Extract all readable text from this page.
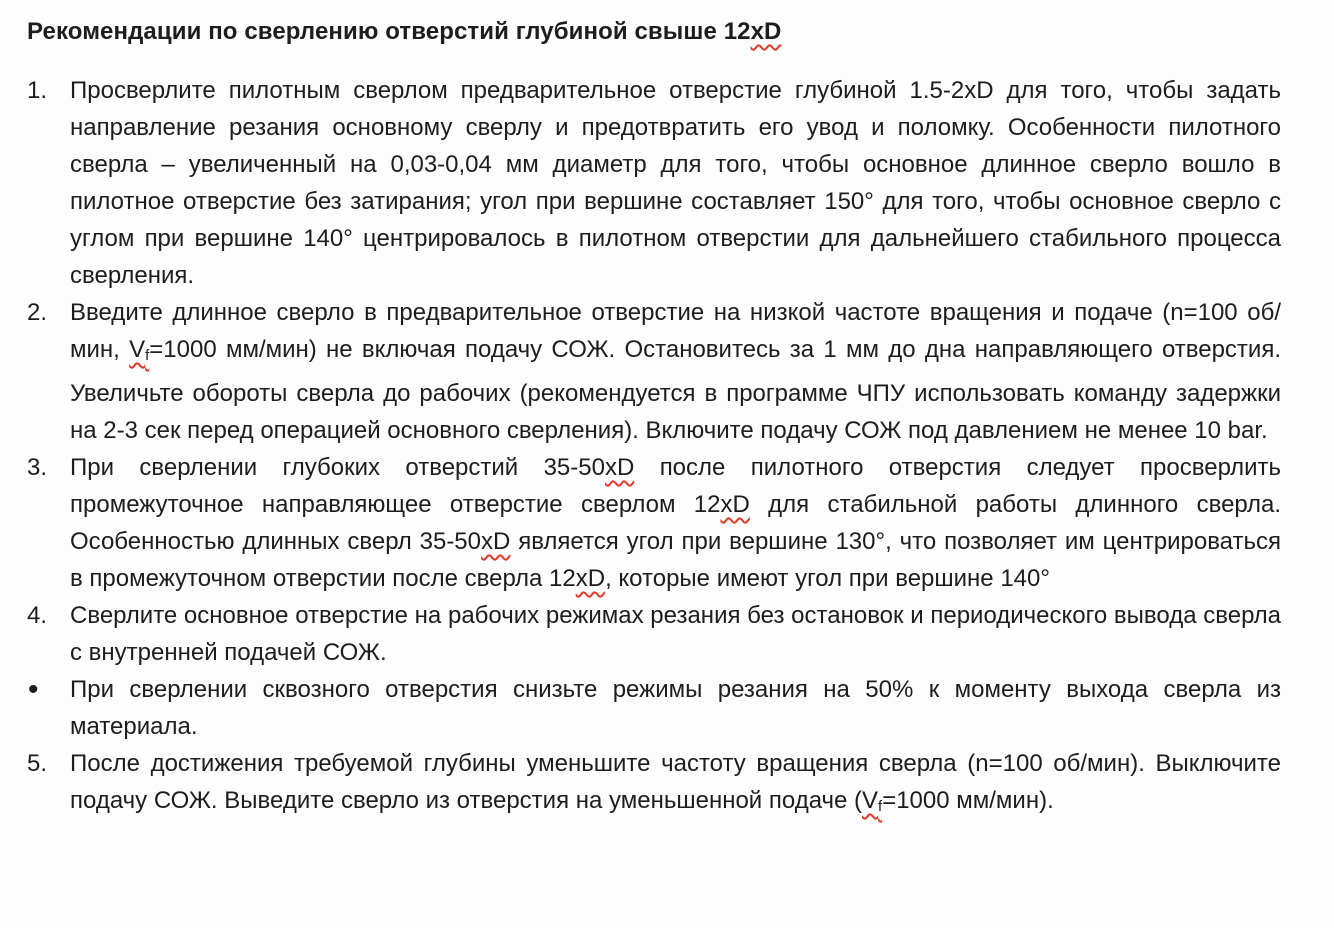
Рекомендации по сверлению отверстий глубиной свыше 12xD
1. Просверлите пилотным сверлом предварительное отверстие глубиной 1.5-2xD для того, чтобы задать направление резания основному сверлу и предотвратить его увод и поломку. Особенности пилотного сверла – увеличенный на 0,03-0,04 мм диаметр для того, чтобы основное длинное сверло вошло в пилотное отверстие без затирания; угол при вершине составляет 150° для того, чтобы основное сверло с углом при вершине 140° центрировалось в пилотном отверстии для дальнейшего стабильного процесса сверления.
2. Введите длинное сверло в предварительное отверстие на низкой частоте вращения и подаче (n=100 об/мин, Vf=1000 мм/мин) не включая подачу СОЖ. Остановитесь за 1 мм до дна направляющего отверстия. Увеличьте обороты сверла до рабочих (рекомендуется в программе ЧПУ использовать команду задержки на 2-3 сек перед операцией основного сверления). Включите подачу СОЖ под давлением не менее 10 bar.
3. При сверлении глубоких отверстий 35-50xD после пилотного отверстия следует просверлить промежуточное направляющее отверстие сверлом 12xD для стабильной работы длинного сверла. Особенностью длинных сверл 35-50xD является угол при вершине 130°, что позволяет им центрироваться в промежуточном отверстии после сверла 12xD, которые имеют угол при вершине 140°
4. Сверлите основное отверстие на рабочих режимах резания без остановок и периодического вывода сверла с внутренней подачей СОЖ.
•	При сверлении сквозного отверстия снизьте режимы резания на 50% к моменту выхода сверла из материала.
5. После достижения требуемой глубины уменьшите частоту вращения сверла (n=100 об/мин). Выключите подачу СОЖ. Выведите сверло из отверстия на уменьшенной подаче (Vf=1000 мм/мин).
